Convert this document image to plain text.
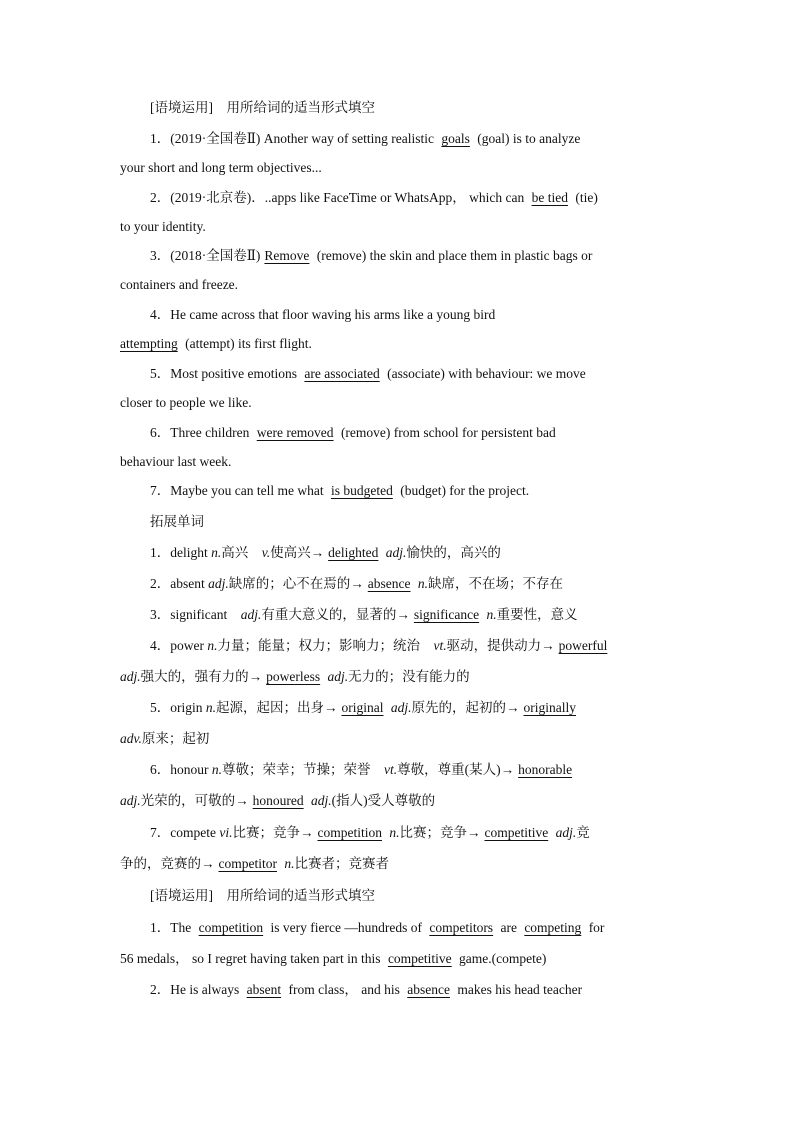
[语境运用]　用所给词的适当形式填空
1．(2019·全国卷Ⅱ) Another way of setting realistic goals (goal) is to analyze
your short and long term objectives...
2．(2019·北京卷)．..apps like FaceTime or WhatsApp， which can be tied (tie)
to your identity.
3．(2018·全国卷Ⅱ) Remove (remove) the skin and place them in plastic bags or
containers and freeze.
4．He came across that floor waving his arms like a young bird
attempting (attempt) its first flight.
5．Most positive emotions are associated (associate) with behaviour: we move
closer to people we like.
6．Three children were removed (remove) from school for persistent bad
behaviour last week.
7．Maybe you can tell me what is budgeted (budget) for the project.
拓展单词
1．delight n.高兴　v.使高兴→ delighted adj.愉快的，高兴的
2．absent adj.缺席的；心不在焉的→ absence n.缺席，不在场；不存在
3．significant　adj.有重大意义的，显著的→ significance n.重要性，意义
4．power n.力量；能量；权力；影响力；统治　vt.驱动，提供动力→ powerful
adj.强大的，强有力的→ powerless adj.无力的；没有能力的
5．origin n.起源，起因；出身→ original adj.原先的，起初的→ originally
adv.原来；起初
6．honour n.尊敬；荣幸；节操；荣誉　vt.尊敬，尊重(某人)→ honorable
adj.光荣的，可敬的→ honoured adj.(指人)受人尊敬的
7．compete vi.比赛；竞争→ competition n.比赛；竞争→ competitive adj.竞
争的，竞赛的→ competitor n.比赛者；竞赛者
[语境运用]　用所给词的适当形式填空
1．The competition is very fierce —hundreds of competitors are competing for
56 medals， so I regret having taken part in this competitive game.(compete)
2．He is always absent from class， and his absence makes his head teacher
